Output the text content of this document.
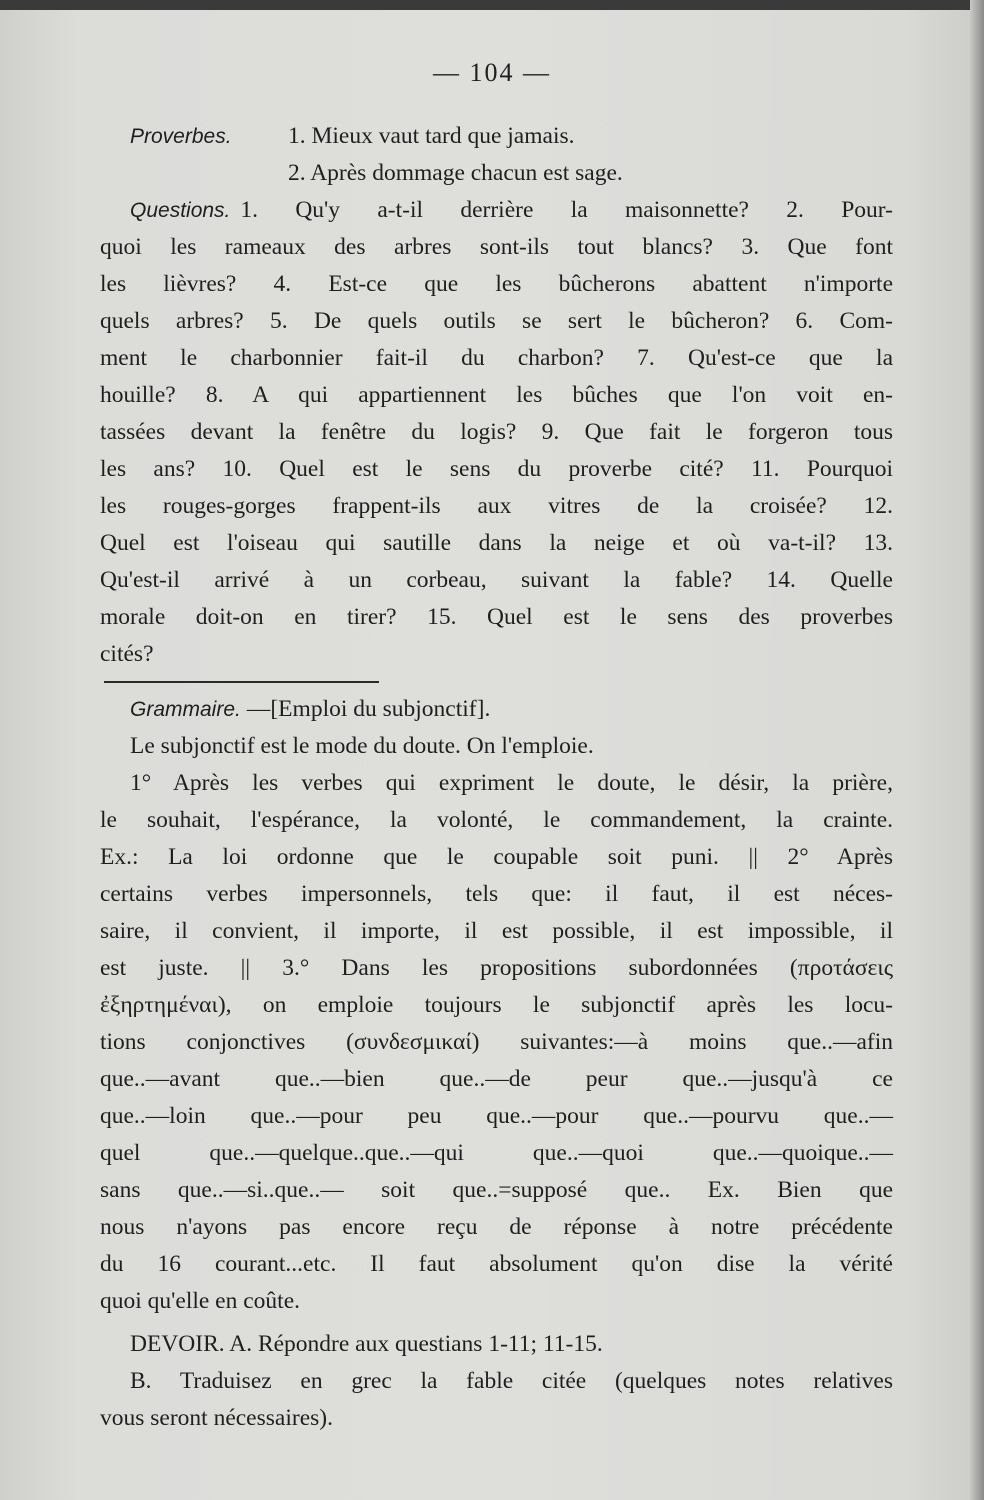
— 104 —
Proverbes.	1. Mieux vaut tard que jamais.
2. Après dommage chacun est sage.
Questions. 1. Qu'y a-t-il derrière la maisonnette? 2. Pour-
quoi les rameaux des arbres sont-ils tout blancs? 3. Que font
les lièvres? 4. Est-ce que les bûcherons abattent n'importe
quels arbres? 5. De quels outils se sert le bûcheron? 6. Com-
ment le charbonnier fait-il du charbon? 7. Qu'est-ce que la
houille? 8. A qui appartiennent les bûches que l'on voit en-
tassées devant la fenêtre du logis? 9. Que fait le forgeron tous
les ans? 10. Quel est le sens du proverbe cité? 11. Pourquoi
les rouges-gorges frappent-ils aux vitres de la croisée? 12.
Quel est l'oiseau qui sautille dans la neige et où va-t-il? 13.
Qu'est-il arrivé à un corbeau, suivant la fable? 14. Quelle
morale doit-on en tirer? 15. Quel est le sens des proverbes
cités?
Grammaire. —[Emploi du subjonctif].
Le subjonctif est le mode du doute. On l'emploie.
1° Après les verbes qui expriment le doute, le désir, la prière,
le souhait, l'espérance, la volonté, le commandement, la crainte.
Ex.: La loi ordonne que le coupable soit puni. || 2° Après
certains verbes impersonnels, tels que: il faut, il est néces-
saire, il convient, il importe, il est possible, il est impossible, il
est juste. || 3.° Dans les propositions subordonnées (προτάσεις
ἐξηρτημέναι), on emploie toujours le subjonctif après les locu-
tions conjonctives (συνδεσμικαί) suivantes:—à moins que..—afin
que..—avant que..—bien que..—de peur que..—jusqu'à ce
que..—loin que..—pour peu que..—pour que..—pourvu que..—
quel que..—quelque..que..—qui que..—quoi que..—quoique..—
sans que..—si..que..— soit que..=supposé que.. Ex. Bien que
nous n'ayons pas encore reçu de réponse à notre précédente
du 16 courant...etc. Il faut absolument qu'on dise la vérité
quoi qu'elle en coûte.
DEVOIR. A. Répondre aux questians 1-11; 11-15.
B. Traduisez en grec la fable citée (quelques notes relatives
vous seront nécessaires).
